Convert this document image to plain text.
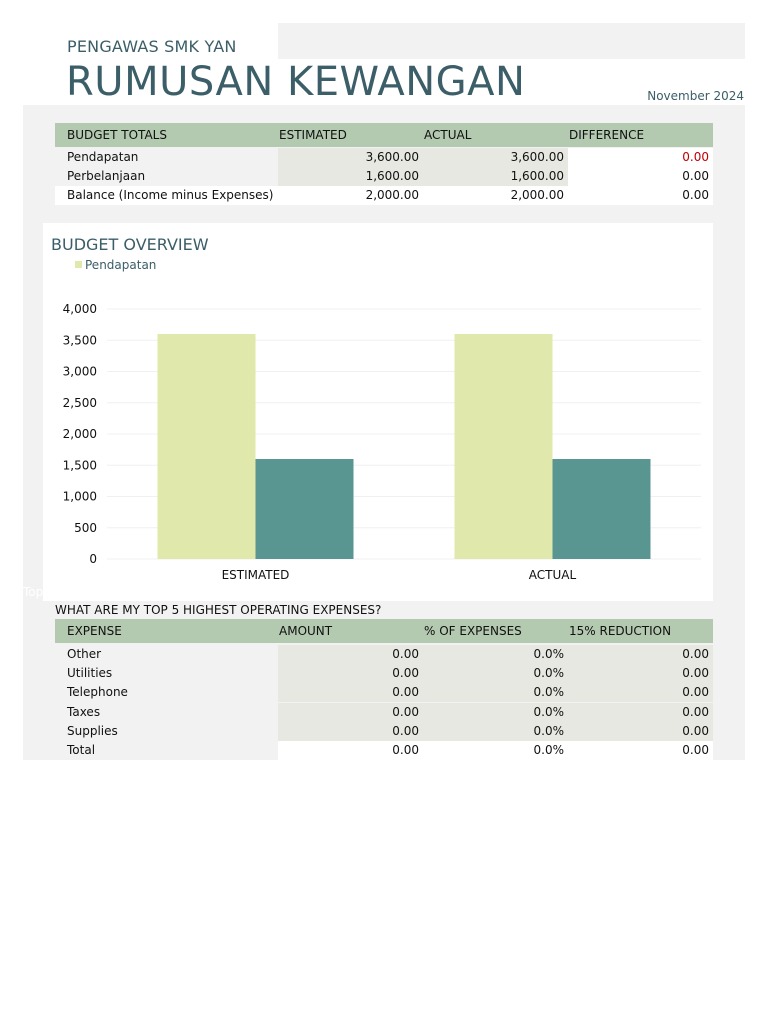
PENGAWAS SMK YAN
RUMUSAN KEWANGAN	November 2024
BUDGET TOTALS	ESTIMATED	ACTUAL	DIFFERENCE
Pendapatan	3,600.00	3,600.00	0.00
Perbelanjaan	1,600.00	1,600.00	0.00
Balance (Income minus Expenses)	2,000.00	2,000.00	0.00
0
500
1,000
1,500
2,000
2,500
3,000
3,500
4,000
ESTIMATED	ACTUAL
BUDGET OVERVIEW
Pendapatan
Top 5
WHAT ARE MY TOP 5 HIGHEST OPERATING EXPENSES?
EXPENSE	AMOUNT	% OF EXPENSES	15% REDUCTION
Other	0.00	0.0%	0.00
Utilities	0.00	0.0%	0.00
Telephone	0.00	0.0%	0.00
Taxes	0.00	0.0%	0.00
Supplies	0.00	0.0%	0.00
Total	0.00	0.0%	0.00
